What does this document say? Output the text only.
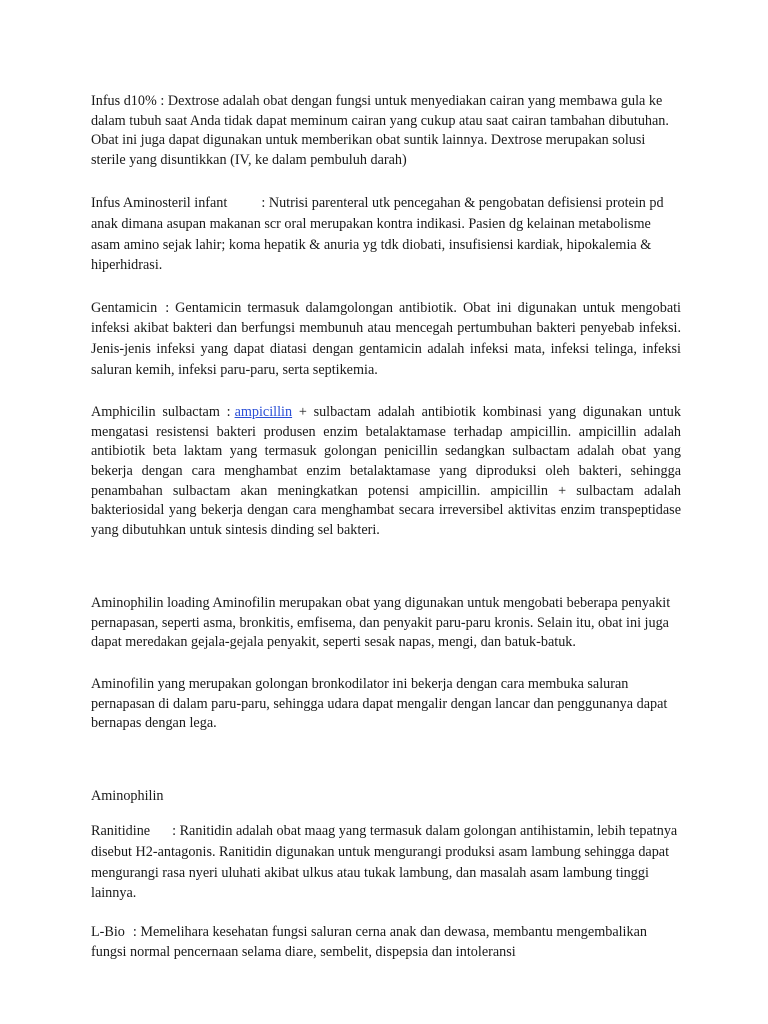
Infus d10% : Dextrose adalah obat dengan fungsi untuk menyediakan cairan yang membawa gula ke dalam tubuh saat Anda tidak dapat meminum cairan yang cukup atau saat cairan tambahan dibutuhan. Obat ini juga dapat digunakan untuk memberikan obat suntik lainnya. Dextrose merupakan solusi sterile yang disuntikkan (IV, ke dalam pembuluh darah)

Infus Aminosteril infant : Nutrisi parenteral utk pencegahan & pengobatan defisiensi protein pd anak dimana asupan makanan scr oral merupakan kontra indikasi. Pasien dg kelainan metabolisme asam amino sejak lahir; koma hepatik & anuria yg tdk diobati, insufisiensi kardiak, hipokalemia & hiperhidrasi.

Gentamicin : Gentamicin termasuk dalamgolongan antibiotik. Obat ini digunakan untuk mengobati infeksi akibat bakteri dan berfungsi membunuh atau mencegah pertumbuhan bakteri penyebab infeksi. Jenis-jenis infeksi yang dapat diatasi dengan gentamicin adalah infeksi mata, infeksi telinga, infeksi saluran kemih, infeksi paru-paru, serta septikemia.

Amphicilin sulbactam : ampicillin + sulbactam adalah antibiotik kombinasi yang digunakan untuk mengatasi resistensi bakteri produsen enzim betalaktamase terhadap ampicillin. ampicillin adalah antibiotik beta laktam yang termasuk golongan penicillin sedangkan sulbactam adalah obat yang bekerja dengan cara menghambat enzim betalaktamase yang diproduksi oleh bakteri, sehingga penambahan sulbactam akan meningkatkan potensi ampicillin. ampicillin + sulbactam adalah bakteriosidal yang bekerja dengan cara menghambat secara irreversibel aktivitas enzim transpeptidase yang dibutuhkan untuk sintesis dinding sel bakteri.

Aminophilin loading Aminofilin merupakan obat yang digunakan untuk mengobati beberapa penyakit pernapasan, seperti asma, bronkitis, emfisema, dan penyakit paru-paru kronis. Selain itu, obat ini juga dapat meredakan gejala-gejala penyakit, seperti sesak napas, mengi, dan batuk-batuk.

Aminofilin yang merupakan golongan bronkodilator ini bekerja dengan cara membuka saluran pernapasan di dalam paru-paru, sehingga udara dapat mengalir dengan lancar dan penggunanya dapat bernapas dengan lega.

Aminophilin

Ranitidine : Ranitidin adalah obat maag yang termasuk dalam golongan antihistamin, lebih tepatnya disebut H2-antagonis. Ranitidin digunakan untuk mengurangi produksi asam lambung sehingga dapat mengurangi rasa nyeri uluhati akibat ulkus atau tukak lambung, dan masalah asam lambung tinggi lainnya.

L-Bio : Memelihara kesehatan fungsi saluran cerna anak dan dewasa, membantu mengembalikan fungsi normal pencernaan selama diare, sembelit, dispepsia dan intoleransi
